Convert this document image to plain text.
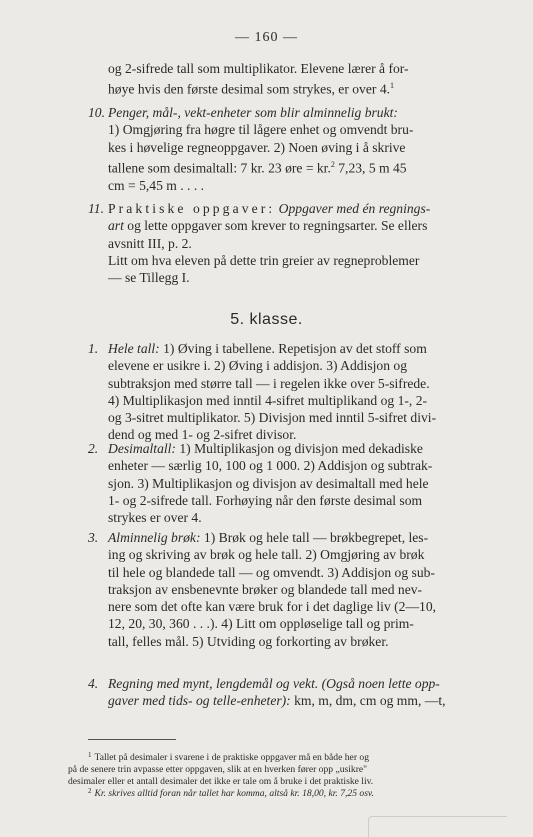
— 160 —
og 2-sifrede tall som multiplikator. Elevene lærer å for-
høye hvis den første desimal som strykes, er over 4.$^1$
10. Penger, mål-, vekt-enheter som blir alminnelig brukt:
1) Omgjøring fra høgre til lågere enhet og omvendt bru-
kes i høvelige regneoppgaver. 2) Noen øving i å skrive
tallene som desimaltall: 7 kr. 23 øre = kr.$^2$ 7,23, 5 m 45
cm = 5,45 m . . . .
11. Praktiske oppgaver: Oppgaver med én regnings-
art og lette oppgaver som krever to regningsarter. Se ellers
avsnitt III, p. 2.
Litt om hva eleven på dette trin greier av regneproblemer
— se Tillegg I.
5. klasse.
1. Hele tall: 1) Øving i tabellene. Repetisjon av det stoff som
elevene er usikre i. 2) Øving i addisjon. 3) Addisjon og
subtraksjon med større tall — i regelen ikke over 5-sifrede.
4) Multiplikasjon med inntil 4-sifret multiplikand og 1-, 2-
og 3-sitret multiplikator. 5) Divisjon med inntil 5-sifret divi-
dend og med 1- og 2-sifret divisor.
2. Desimaltall: 1) Multiplikasjon og divisjon med dekadiske
enheter — særlig 10, 100 og 1 000. 2) Addisjon og subtrak-
sjon. 3) Multiplikasjon og divisjon av desimaltall med hele
1- og 2-sifrede tall. Forhøying når den første desimal som
strykes er over 4.
3. Alminnelig brøk: 1) Brøk og hele tall — brøkbegrepet, les-
ing og skriving av brøk og hele tall. 2) Omgjøring av brøk
til hele og blandede tall — og omvendt. 3) Addisjon og sub-
traksjon av ensbenevnte brøker og blandede tall med nev-
nere som det ofte kan være bruk for i det daglige liv (2—10,
12, 20, 30, 360 . . .). 4) Litt om oppløselige tall og prim-
tall, felles mål. 5) Utviding og forkorting av brøker.
4. Regning med mynt, lengdemål og vekt. (Også noen lette opp-
gaver med tids- og telle-enheter): km, m, dm, cm og mm, —t,
$^1$ Tallet på desimaler i svarene i de praktiske oppgaver må en både her og
på de senere trin avpasse etter oppgaven, slik at en hverken fører opp „usikre"
desimaler eller et antall desimaler det ikke er tale om å bruke i det praktiske liv.
$^2$ Kr. skrives alltid foran når tallet har komma, altså kr. 18,00, kr. 7,25 osv.
